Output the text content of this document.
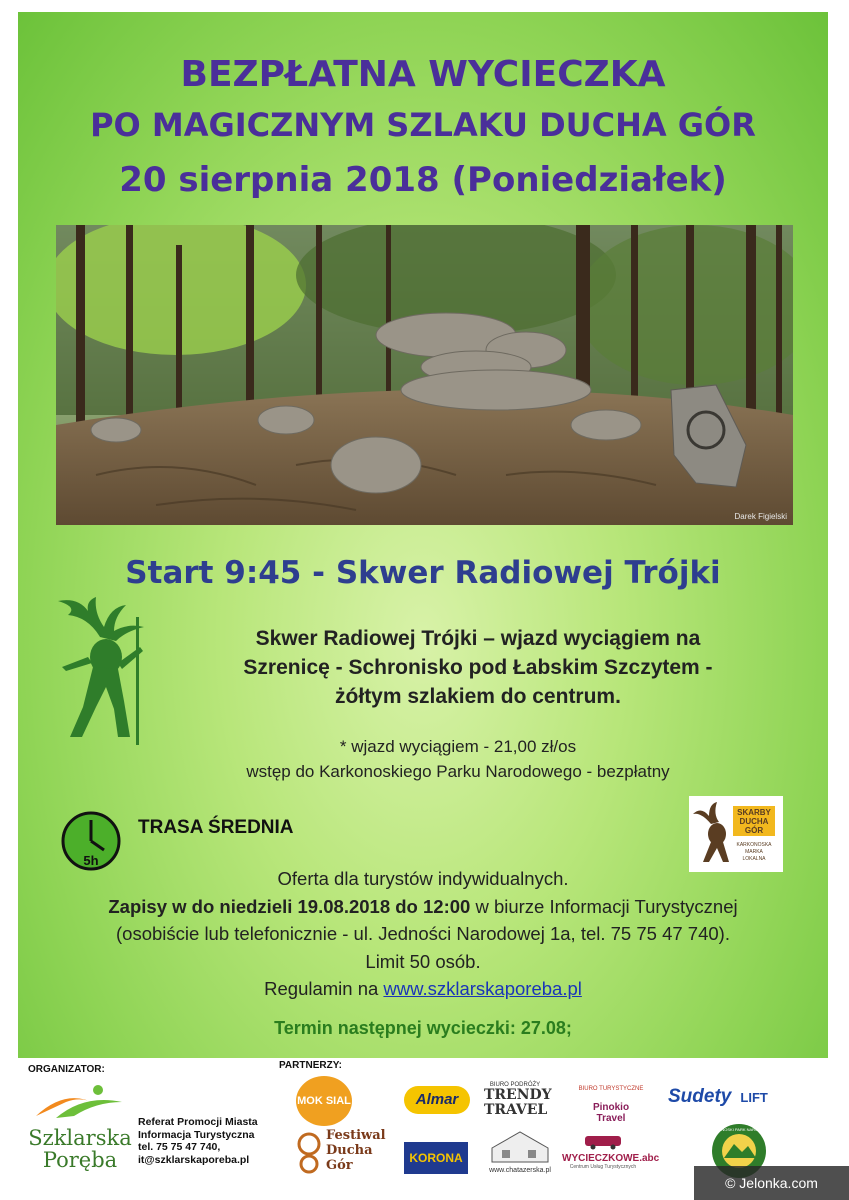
BEZPŁATNA WYCIECZKA
PO MAGICZNYM SZLAKU DUCHA GÓR
20 sierpnia 2018 (Poniedziałek)
Darek Figielski
Start 9:45 - Skwer Radiowej Trójki
Skwer Radiowej Trójki – wjazd wyciągiem na
Szrenicę - Schronisko pod Łabskim Szczytem -
żółtym szlakiem do centrum.
* wjazd wyciągiem - 21,00 zł/os
wstęp do Karkonoskiego Parku Narodowego - bezpłatny
5h
TRASA ŚREDNIA
SKARBY
DUCHA
GÓR
KARKONOSKA
MARKA
LOKALNA
Oferta dla turystów indywidualnych.
Zapisy w do niedzieli 19.08.2018 do 12:00 w biurze Informacji Turystycznej
(osobiście lub telefonicznie - ul. Jedności Narodowej 1a, tel. 75 75 47 740).
Limit 50 osób.
Regulamin na www.szklarskaporeba.pl
Termin następnej wycieczki: 27.08;
ORGANIZATOR:	PARTNERZY:
Szklarska
Poręba
Referat Promocji Miasta
Informacja Turystyczna
tel. 75 75 47 740,
it@szklarskaporeba.pl
MOK SIAL
Festiwal
Ducha
Gór
Almar
KORONA
BIURO PODRÓŻY
TRENDY
TRAVEL
www.chatazerska.pl
BIURO TURYSTYCZNE
Pinokio Travel
WYCIECZKOWE.abc
Centrum Usług Turystycznych
Sudety LIFT
KARKONOSKI PARK NARODOWY
© Jelonka.com
